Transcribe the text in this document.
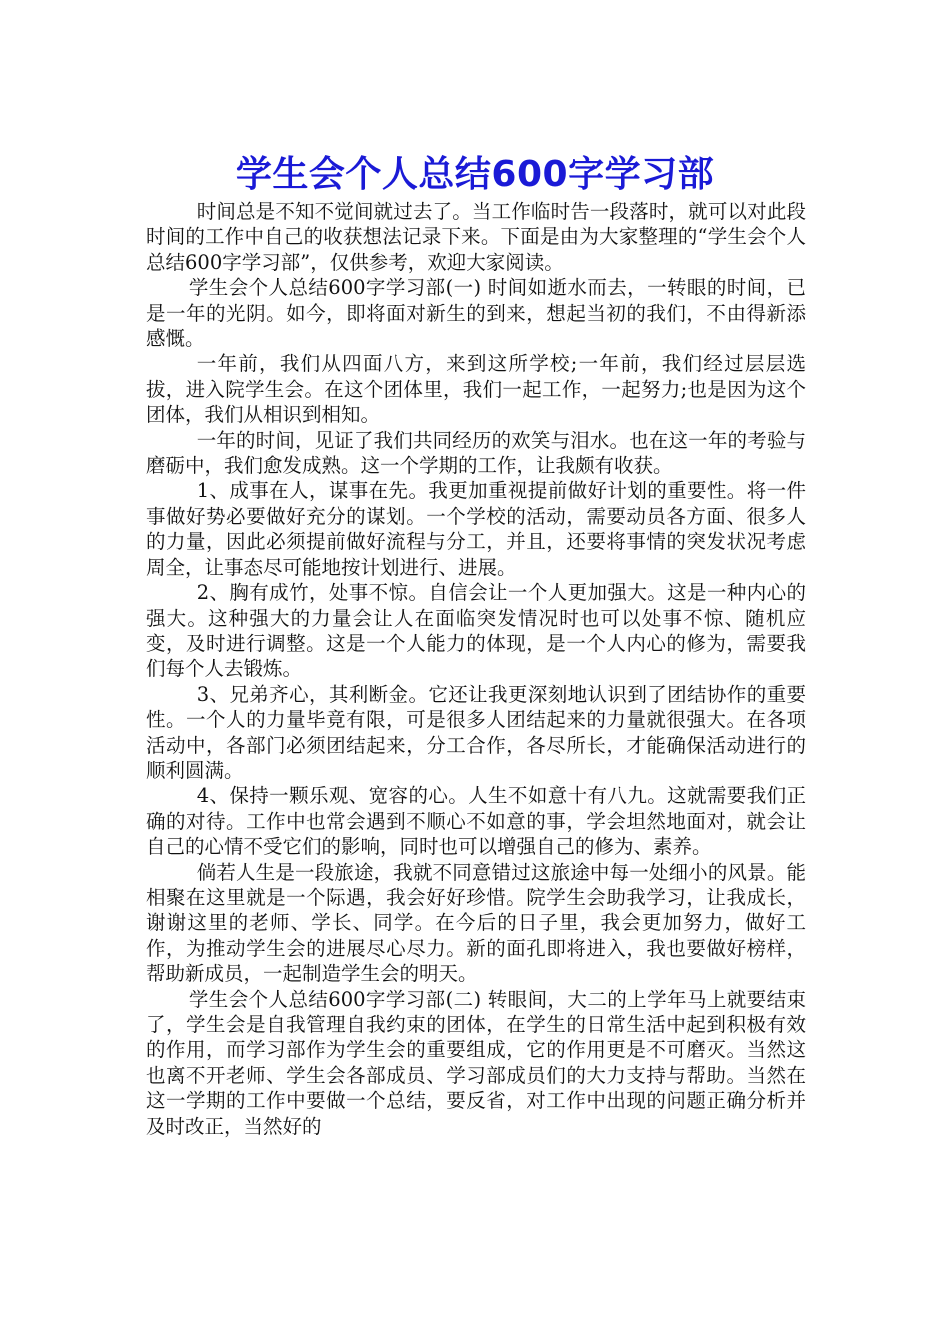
学生会个人总结600字学习部

时间总是不知不觉间就过去了。当工作临时告一段落时，就可以对此段时间的工作中自己的收获想法记录下来。下面是由为大家整理的“学生会个人总结600字学习部”，仅供参考，欢迎大家阅读。

学生会个人总结600字学习部(一) 时间如逝水而去，一转眼的时间，已是一年的光阴。如今，即将面对新生的到来，想起当初的我们，不由得新添感慨。

一年前，我们从四面八方，来到这所学校;一年前，我们经过层层选拔，进入院学生会。在这个团体里，我们一起工作，一起努力;也是因为这个团体，我们从相识到相知。

一年的时间，见证了我们共同经历的欢笑与泪水。也在这一年的考验与磨砺中，我们愈发成熟。这一个学期的工作，让我颇有收获。

1、成事在人，谋事在先。我更加重视提前做好计划的重要性。将一件事做好势必要做好充分的谋划。一个学校的活动，需要动员各方面、很多人的力量，因此必须提前做好流程与分工，并且，还要将事情的突发状况考虑周全，让事态尽可能地按计划进行、进展。

2、胸有成竹，处事不惊。自信会让一个人更加强大。这是一种内心的强大。这种强大的力量会让人在面临突发情况时也可以处事不惊、随机应变，及时进行调整。这是一个人能力的体现，是一个人内心的修为，需要我们每个人去锻炼。

3、兄弟齐心，其利断金。它还让我更深刻地认识到了团结协作的重要性。一个人的力量毕竟有限，可是很多人团结起来的力量就很强大。在各项活动中，各部门必须团结起来，分工合作，各尽所长，才能确保活动进行的顺利圆满。

4、保持一颗乐观、宽容的心。人生不如意十有八九。这就需要我们正确的对待。工作中也常会遇到不顺心不如意的事，学会坦然地面对，就会让自己的心情不受它们的影响，同时也可以增强自己的修为、素养。

倘若人生是一段旅途，我就不同意错过这旅途中每一处细小的风景。能相聚在这里就是一个际遇，我会好好珍惜。院学生会助我学习，让我成长，谢谢这里的老师、学长、同学。在今后的日子里，我会更加努力，做好工作，为推动学生会的进展尽心尽力。新的面孔即将进入，我也要做好榜样，帮助新成员，一起制造学生会的明天。

学生会个人总结600字学习部(二) 转眼间，大二的上学年马上就要结束了，学生会是自我管理自我约束的团体，在学生的日常生活中起到积极有效的作用，而学习部作为学生会的重要组成，它的作用更是不可磨灭。当然这也离不开老师、学生会各部成员、学习部成员们的大力支持与帮助。当然在这一学期的工作中要做一个总结，要反省，对工作中出现的问题正确分析并及时改正，当然好的
